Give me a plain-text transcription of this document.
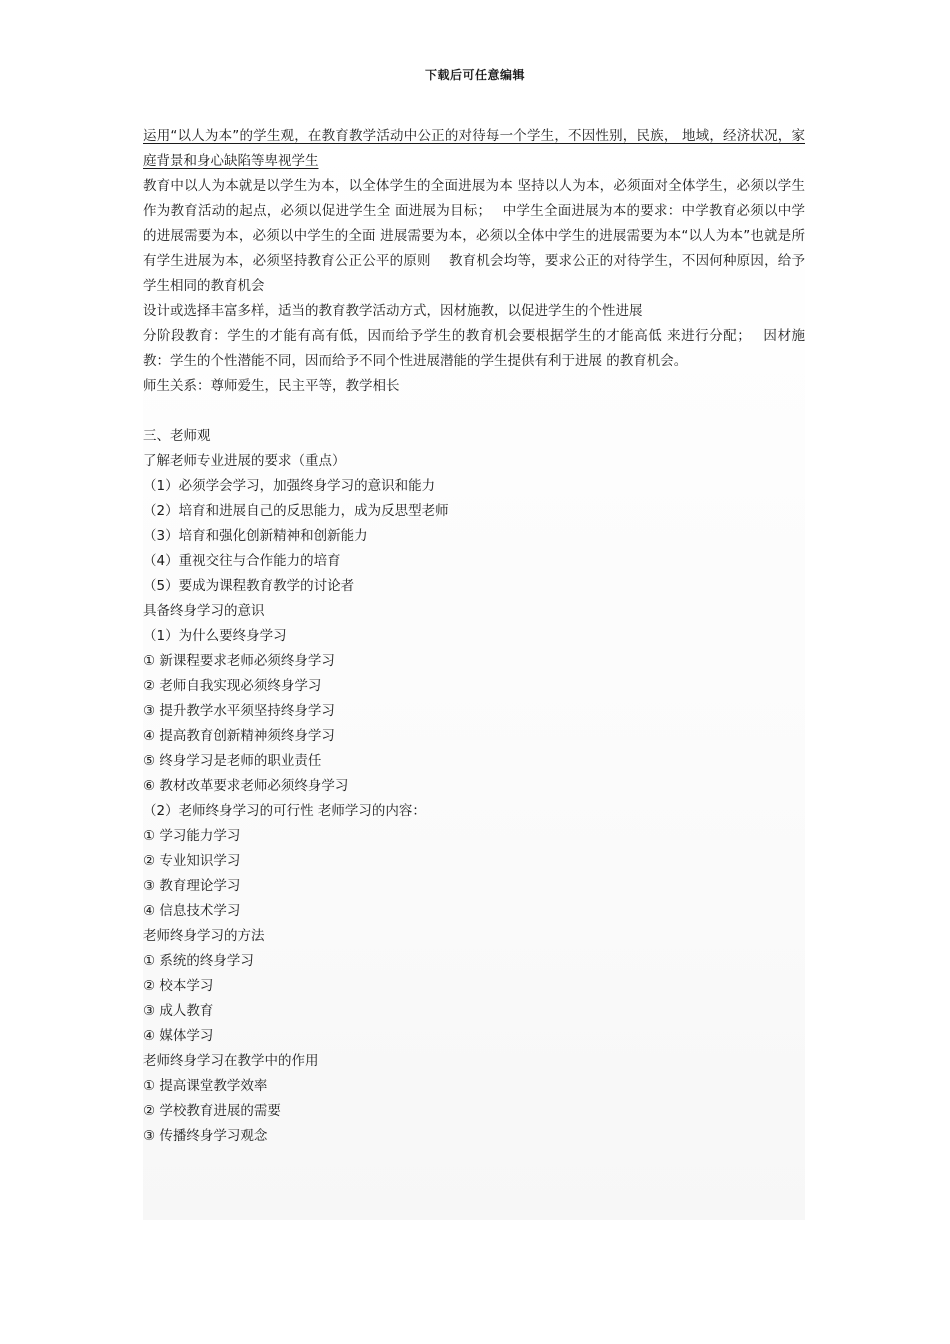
下载后可任意编辑

运用“以人为本”的学生观，在教育教学活动中公正的对待每一个学生，不因性别，民族， 地域，经济状况，家庭背景和身心缺陷等卑视学生

教育中以人为本就是以学生为本，以全体学生的全面进展为本 坚持以人为本，必须面对全体学生，必须以学生作为教育活动的起点，必须以促进学生全 面进展为目标；　 中学生全面进展为本的要求：中学教育必须以中学的进展需要为本，必须以中学生的全面 进展需要为本，必须以全体中学生的进展需要为本“以人为本”也就是所有学生进展为本，必须坚持教育公正公平的原则　 教育机会均等，要求公正的对待学生，不因何种原因，给予学生相同的教育机会

设计或选择丰富多样，适当的教育教学活动方式，因材施教，以促进学生的个性进展

分阶段教育：学生的才能有高有低，因而给予学生的教育机会要根据学生的才能高低 来进行分配；　 因材施教：学生的个性潜能不同，因而给予不同个性进展潜能的学生提供有利于进展 的教育机会。

师生关系：尊师爱生，民主平等，教学相长

三、老师观

了解老师专业进展的要求（重点）

（1）必须学会学习，加强终身学习的意识和能力

（2）培育和进展自己的反思能力，成为反思型老师

（3）培育和强化创新精神和创新能力

（4）重视交往与合作能力的培育

（5）要成为课程教育教学的讨论者

具备终身学习的意识

（1）为什么要终身学习

① 新课程要求老师必须终身学习

② 老师自我实现必须终身学习

③ 提升教学水平须坚持终身学习

④ 提高教育创新精神须终身学习

⑤ 终身学习是老师的职业责任

⑥ 教材改革要求老师必须终身学习

（2）老师终身学习的可行性 老师学习的内容：

① 学习能力学习

② 专业知识学习

③ 教育理论学习

④ 信息技术学习

老师终身学习的方法

① 系统的终身学习

② 校本学习

③ 成人教育

④ 媒体学习

老师终身学习在教学中的作用

① 提高课堂教学效率

② 学校教育进展的需要

③ 传播终身学习观念
